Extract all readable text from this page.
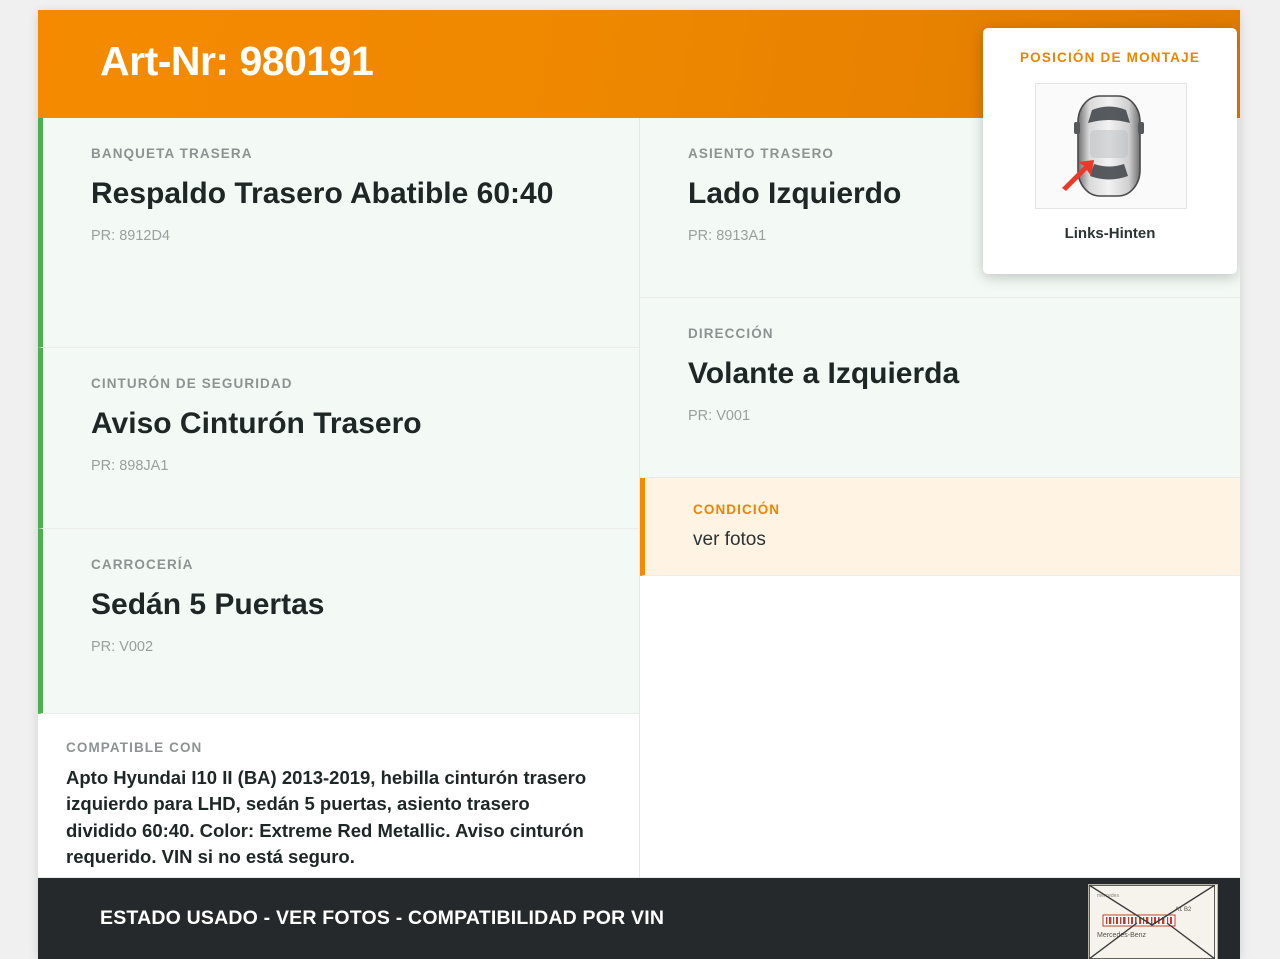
Art-Nr: 980191

BANQUETA TRASERA

Respaldo Trasero Abatible 60:40

PR: 8912D4

CINTURÓN DE SEGURIDAD

Aviso Cinturón Trasero

PR: 898JA1

CARROCERÍA

Sedán 5 Puertas

PR: V002

COMPATIBLE CON

Apto Hyundai I10 II (BA) 2013-2019, hebilla cinturón trasero izquierdo para LHD, sedán 5 puertas, asiento trasero dividido 60:40. Color: Extreme Red Metallic. Aviso cinturón requerido. VIN si no está seguro.

ASIENTO TRASERO

Lado Izquierdo

PR: 8913A1

DIRECCIÓN

Volante a Izquierda

PR: V001

CONDICIÓN

ver fotos

POSICIÓN DE MONTAJE

Links-Hinten
ESTADO USADO - VER FOTOS - COMPATIBILIDAD POR VIN
mercedes
A1 B2
Mercedes-Benz
